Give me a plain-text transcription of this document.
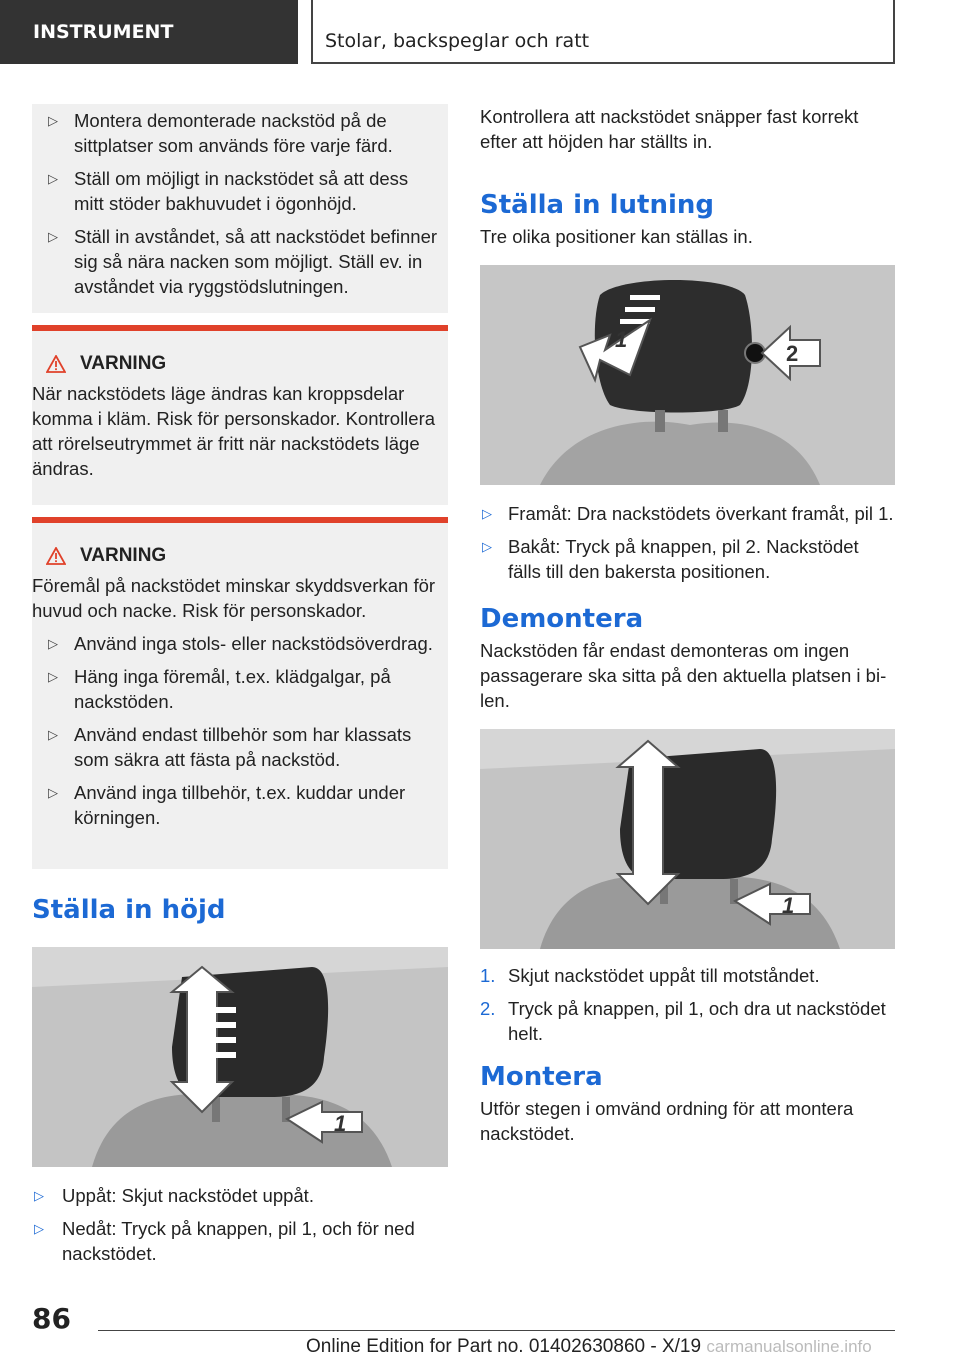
INSTRUMENT	Stolar, backspeglar och ratt
▷ Montera demonterade nackstöd på de sittplatser som används före varje färd.
▷ Ställ om möjligt in nackstödet så att dess mitt stöder bakhuvudet i ögonhöjd.
▷ Ställ in avståndet, så att nackstödet befinner sig så nära nacken som möjligt. Ställ ev. in avståndet via ryggstödslutningen.
VARNING
När nackstödets läge ändras kan kroppsdelar komma i kläm. Risk för personskador. Kontrollera att rörelseutrymmet är fritt när nackstödets läge ändras.
VARNING
Föremål på nackstödet minskar skyddsverkan för huvud och nacke. Risk för personskador.
▷ Använd inga stols- eller nackstödsöverdrag.
▷ Häng inga föremål, t.ex. klädgalgar, på nackstöden.
▷ Använd endast tillbehör som har klassats som säkra att fästa på nackstöd.
▷ Använd inga tillbehör, t.ex. kuddar under körningen.
Ställa in höjd
1
▷ Uppåt: Skjut nackstödet uppåt.
▷ Nedåt: Tryck på knappen, pil 1, och för ned nackstödet.
Kontrollera att nackstödet snäpper fast korrekt efter att höjden har ställts in.
Ställa in lutning
Tre olika positioner kan ställas in.
1
2
▷ Framåt: Dra nackstödets överkant framåt, pil 1.
▷ Bakåt: Tryck på knappen, pil 2. Nackstödet fälls till den bakersta positionen.
Demontera
Nackstöden får endast demonteras om ingen passagerare ska sitta på den aktuella platsen i bilen.
1
1. Skjut nackstödet uppåt till motståndet.
2. Tryck på knappen, pil 1, och dra ut nackstödet helt.
Montera
Utför stegen i omvänd ordning för att montera nackstödet.
86
Online Edition for Part no. 01402630860 - X/19 carmanualsonline.info
